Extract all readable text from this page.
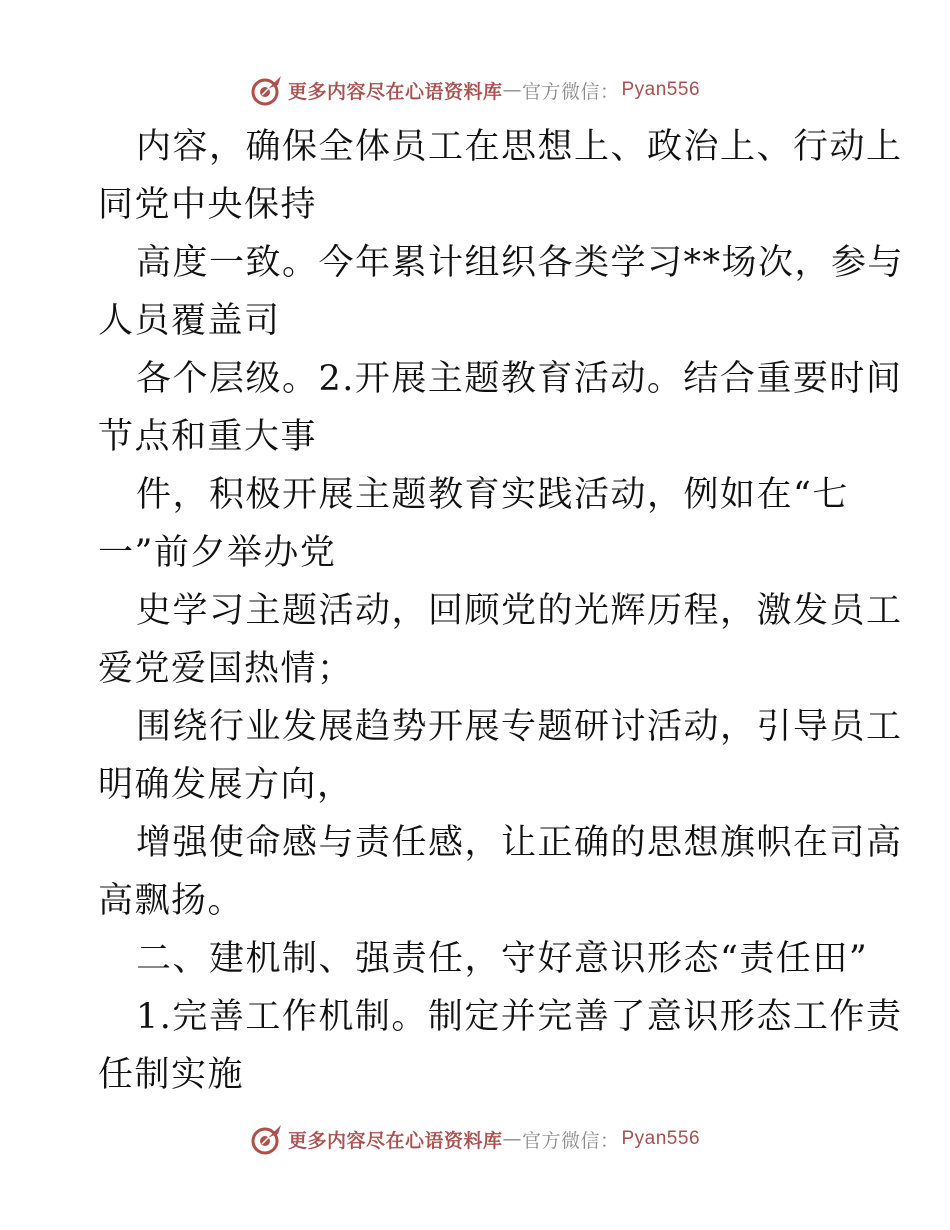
更多内容尽在心语资料库 — 官方微信： Pyan556
内容，确保全体员工在思想上、政治上、行动上
同党中央保持
高度一致。今年累计组织各类学习**场次，参与
人员覆盖司
各个层级。2.开展主题教育活动。结合重要时间
节点和重大事
件，积极开展主题教育实践活动，例如在“七
一”前夕举办党
史学习主题活动，回顾党的光辉历程，激发员工
爱党爱国热情；
围绕行业发展趋势开展专题研讨活动，引导员工
明确发展方向，
增强使命感与责任感，让正确的思想旗帜在司高
高飘扬。
二、建机制、强责任，守好意识形态“责任田”
1.完善工作机制。制定并完善了意识形态工作责
任制实施
更多内容尽在心语资料库 — 官方微信： Pyan556
